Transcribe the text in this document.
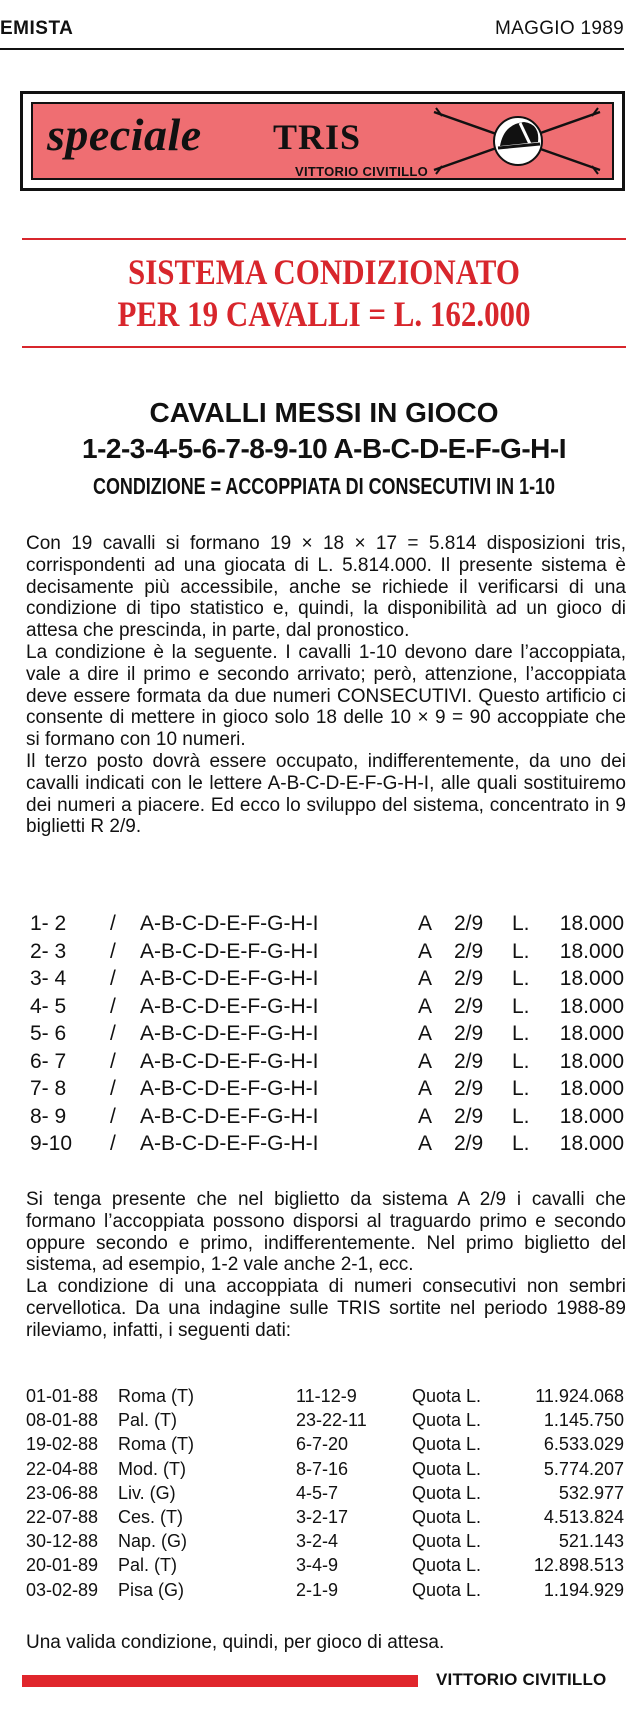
EMISTA	MAGGIO 1989
speciale TRIS
VITTORIO CIVITILLO
SISTEMA CONDIZIONATO
PER 19 CAVALLI = L. 162.000
CAVALLI MESSI IN GIOCO
1-2-3-4-5-6-7-8-9-10 A-B-C-D-E-F-G-H-I
CONDIZIONE = ACCOPPIATA DI CONSECUTIVI IN 1-10

Con 19 cavalli si formano 19 × 18 × 17 = 5.814 disposizioni tris, corrispondenti ad una giocata di L. 5.814.000. Il presente sistema è decisamente più accessibile, anche se richiede il verificarsi di una condizione di tipo statistico e, quindi, la disponibilità ad un gioco di attesa che prescinda, in parte, dal pronostico.

La condizione è la seguente. I cavalli 1-10 devono dare l’accoppiata, vale a dire il primo e secondo arrivato; però, attenzione, l’accoppiata deve essere formata da due numeri CONSECUTIVI. Questo artificio ci consente di mettere in gioco solo 18 delle 10 × 9 = 90 accoppiate che si formano con 10 numeri.

Il terzo posto dovrà essere occupato, indifferentemente, da uno dei cavalli indicati con le lettere A-B-C-D-E-F-G-H-I, alle quali sostituiremo dei numeri a piacere. Ed ecco lo sviluppo del sistema, concentrato in 9 biglietti R 2/9.

1- 2	/ A-B-C-D-E-F-G-H-I	A 2/9 L. 18.000
2- 3	/ A-B-C-D-E-F-G-H-I	A 2/9 L. 18.000
3- 4	/ A-B-C-D-E-F-G-H-I	A 2/9 L. 18.000
4- 5	/ A-B-C-D-E-F-G-H-I	A 2/9 L. 18.000
5- 6	/ A-B-C-D-E-F-G-H-I	A 2/9 L. 18.000
6- 7	/ A-B-C-D-E-F-G-H-I	A 2/9 L. 18.000
7- 8	/ A-B-C-D-E-F-G-H-I	A 2/9 L. 18.000
8- 9	/ A-B-C-D-E-F-G-H-I	A 2/9 L. 18.000
9-10	/ A-B-C-D-E-F-G-H-I	A 2/9 L. 18.000

Si tenga presente che nel biglietto da sistema A 2/9 i cavalli che formano l’accoppiata possono disporsi al traguardo primo e secondo oppure secondo e primo, indifferentemente. Nel primo biglietto del sistema, ad esempio, 1-2 vale anche 2-1, ecc.

La condizione di una accoppiata di numeri consecutivi non sembri cervellotica. Da una indagine sulle TRIS sortite nel periodo 1988-89 rileviamo, infatti, i seguenti dati:

01-01-88 Roma (T)	11-12-9	Quota L.	11.924.068
08-01-88 Pal. (T)	23-22-11	Quota L.	1.145.750
19-02-88 Roma (T)	6-7-20	Quota L.	6.533.029
22-04-88 Mod. (T)	8-7-16	Quota L.	5.774.207
23-06-88 Liv. (G)	4-5-7	Quota L.	532.977
22-07-88 Ces. (T)	3-2-17	Quota L.	4.513.824
30-12-88 Nap. (G)	3-2-4	Quota L.	521.143
20-01-89 Pal. (T)	3-4-9	Quota L.	12.898.513
03-02-89 Pisa (G)	2-1-9	Quota L.	1.194.929
Una valida condizione, quindi, per gioco di attesa.
VITTORIO CIVITILLO
